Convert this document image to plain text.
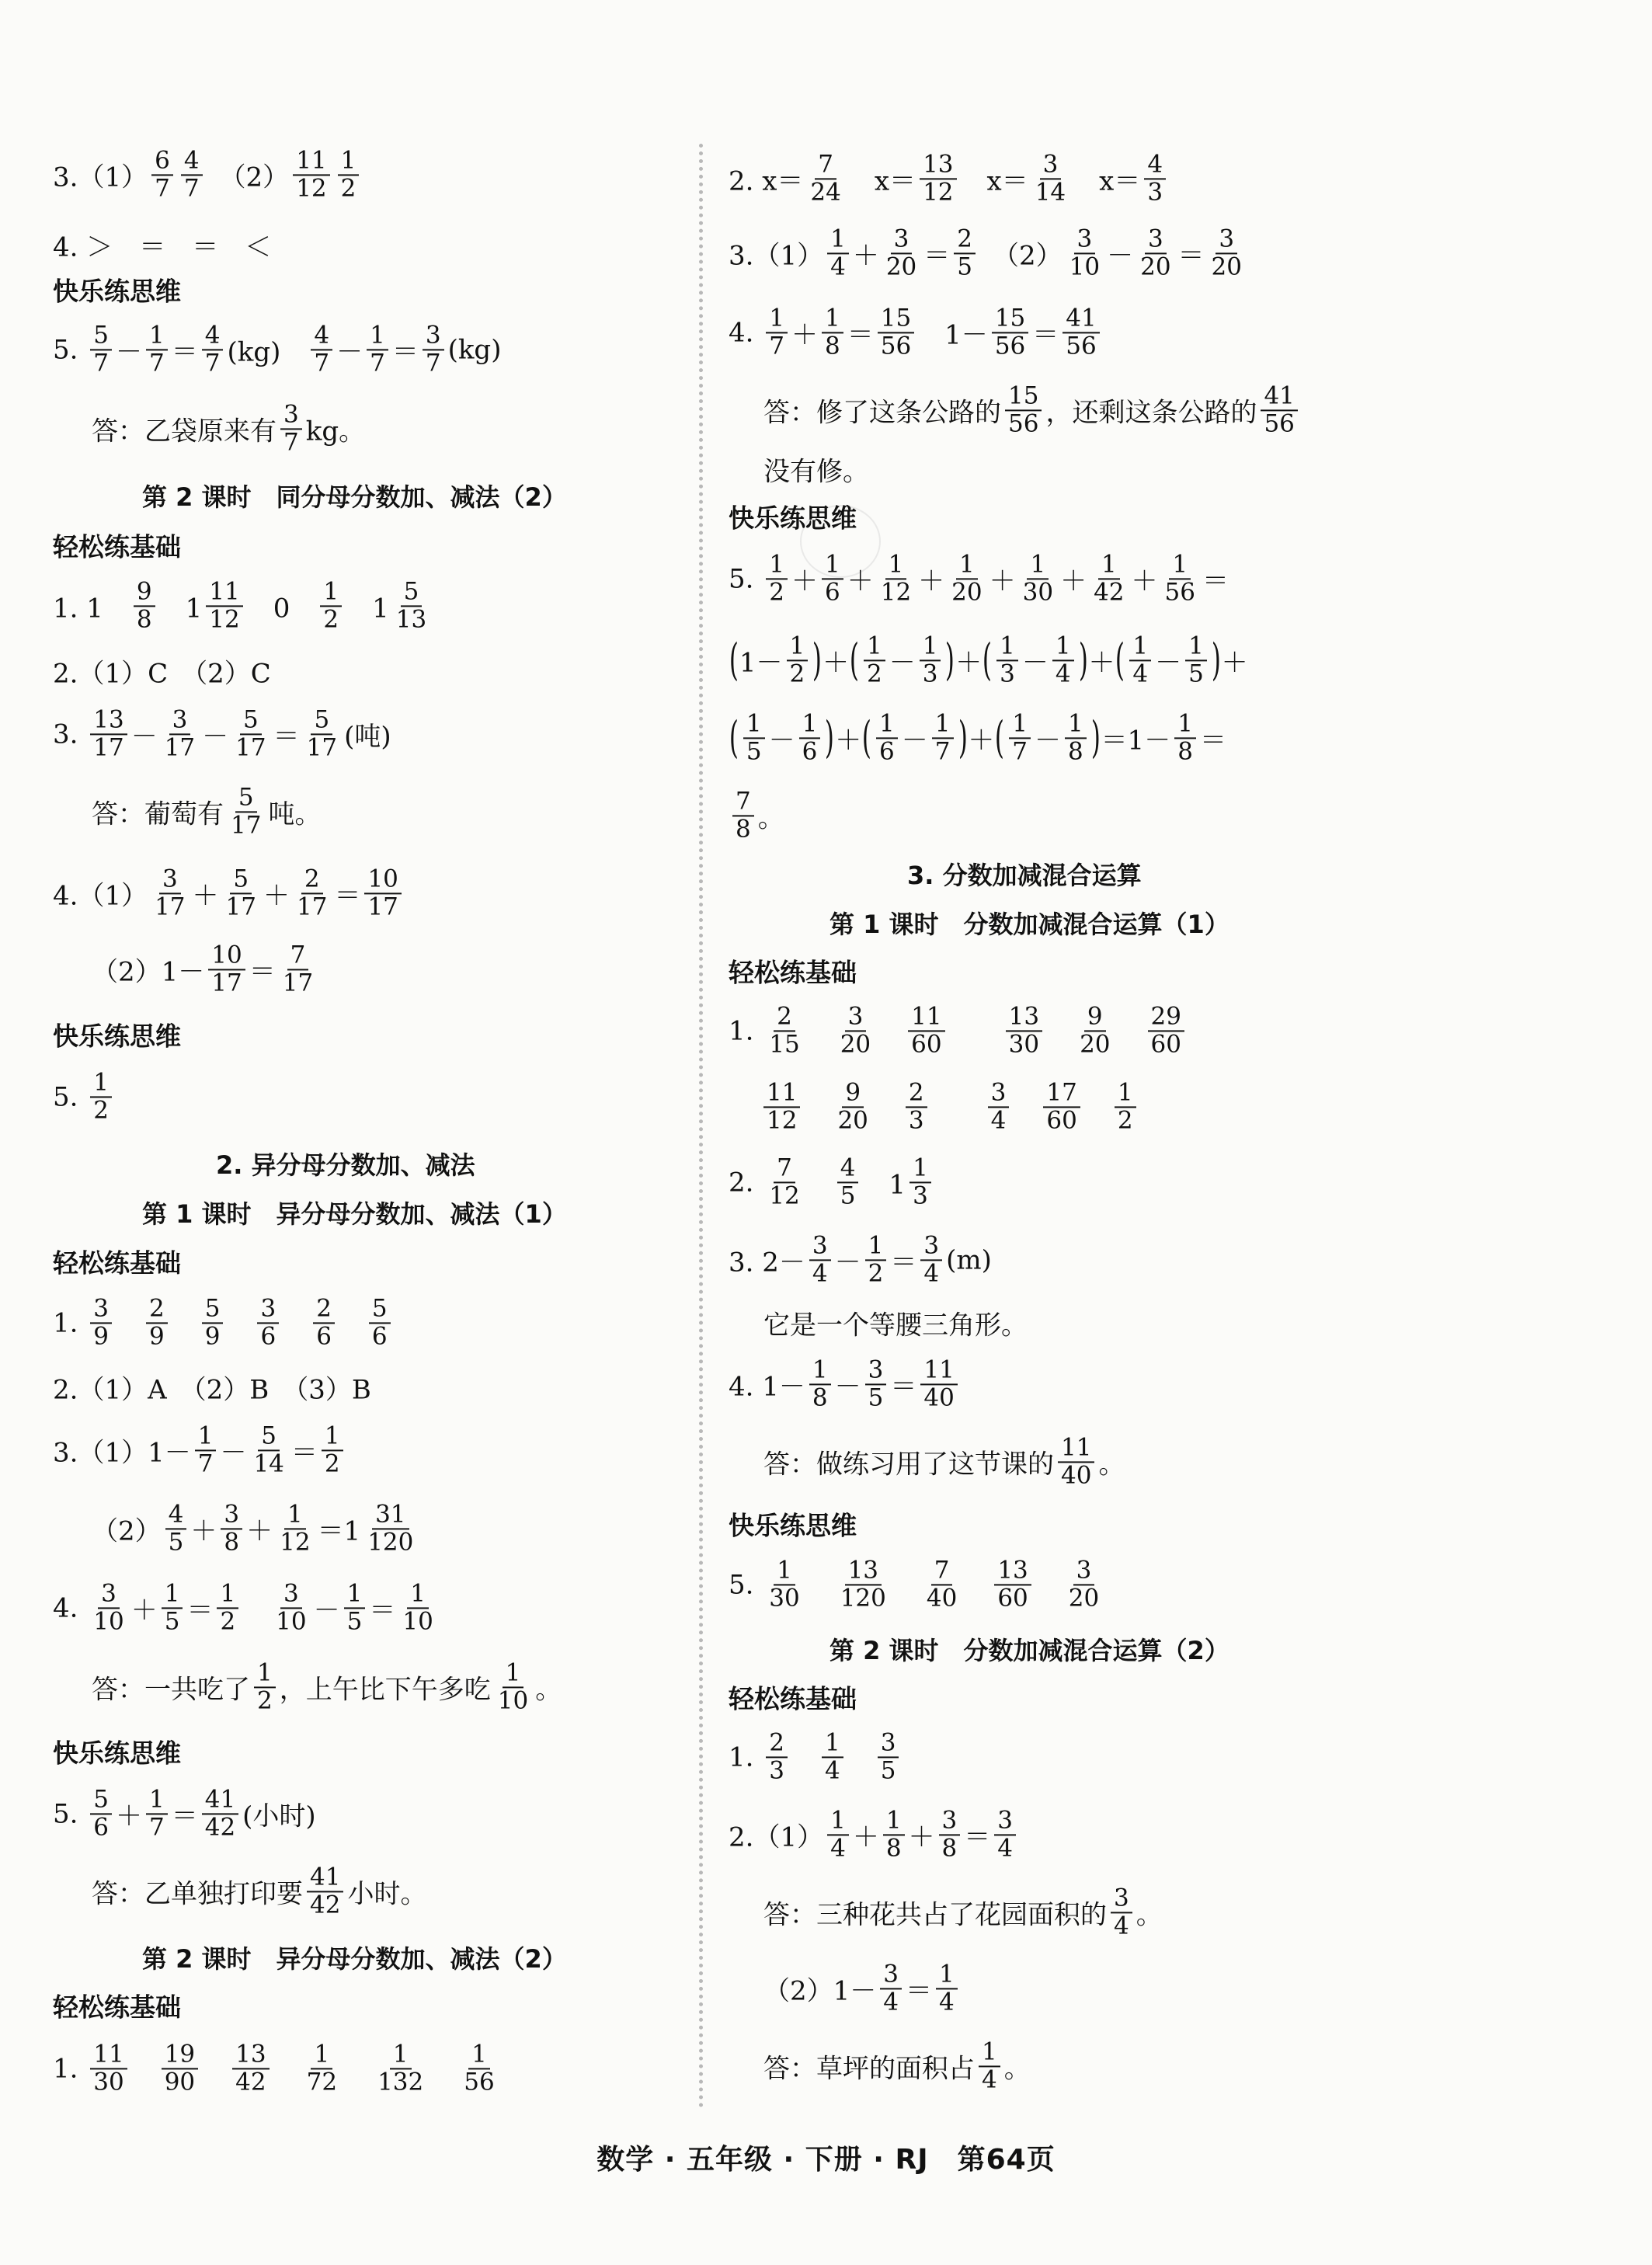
$3.(1) \frac{6}{7} \frac{4}{7}$ 　$(2) \frac{11}{12} \frac{1}{2}$
4. ＞　＝　＝　＜
快乐练思维
5. $\frac{5}{7} - \frac{1}{7} = \frac{4}{7} (kg)$　 $\frac{4}{7} - \frac{1}{7} = \frac{3}{7} (kg)$
答：乙袋原来有 $\frac{3}{7}$ kg。
第 2 课时　同分母分数加、减法（2）
轻松练基础
1. 1　 $\frac{9}{8}$ 　$1 \frac{11}{12}$ 　0　 $\frac{1}{2}$ 　$1 \frac{5}{13}$
2.（1）C　（2）C
3. $\frac{13}{17} - \frac{3}{17} - \frac{5}{17} = \frac{5}{17}$ (吨)
答：葡萄有 $\frac{5}{17}$ 吨。
$4.(1) \frac{3}{17} + \frac{5}{17} + \frac{2}{17} = \frac{10}{17}$
$(2)1- \frac{10}{17} = \frac{7}{17}$
快乐练思维
5. $\frac{1}{2}$
2. 异分母分数加、减法
第 1 课时　异分母分数加、减法（1）
轻松练基础
1. $\frac{3}{9}$
　 $\frac{2}{9}$
　 $\frac{5}{9}$
　 $\frac{3}{6}$
　 $\frac{2}{6}$
　 $\frac{5}{6}$
2.（1）A　（2）B　（3）B
$3.(1)1- \frac{1}{7} - \frac{5}{14} = \frac{1}{2}$
$(2) \frac{4}{5} + \frac{3}{8} + \frac{1}{12} =1 \frac{31}{120}$
4. $\frac{3}{10} + \frac{1}{5} = \frac{1}{2}$
　 $\frac{3}{10} - \frac{1}{5} = \frac{1}{10}$
答：一共吃了 $\frac{1}{2}$ ，上午比下午多吃 $\frac{1}{10}$ 。
快乐练思维
5. $\frac{5}{6} + \frac{1}{7} = \frac{41}{42}$ (小时)
答：乙单独打印要 $\frac{41}{42}$ 小时。
第 2 课时　异分母分数加、减法（2）
轻松练基础
1. $\frac{11}{30}$
　 $\frac{19}{90}$
　 $\frac{13}{42}$
　 $\frac{1}{72}$
　 $\frac{1}{132}$
　 $\frac{1}{56}$
2. $x= \frac{7}{24}$ 　$x= \frac{13}{12}$ 　$x= \frac{3}{14}$ 　$x= \frac{4}{3}$
$3.(1) \frac{1}{4} + \frac{3}{20} = \frac{2}{5}$ 　$(2) \frac{3}{10} - \frac{3}{20} = \frac{3}{20}$
4. $\frac{1}{7} + \frac{1}{8} = \frac{15}{56}$ 　$1- \frac{15}{56} = \frac{41}{56}$
答：修了这条公路的 $\frac{15}{56}$ ，还剩这条公路的 $\frac{41}{56}$
没有修。
快乐练思维
5. $\frac{1}{2} + \frac{1}{6} + \frac{1}{12} + \frac{1}{20} + \frac{1}{30} + \frac{1}{42} + \frac{1}{56}$ ＝
( $1- \frac{1}{2}$ ) ＋ ( $\frac{1}{2} - \frac{1}{3}$ ) ＋ ( $\frac{1}{3} - \frac{1}{4}$ ) ＋ ( $\frac{1}{4} - \frac{1}{5}$ ) ＋
( $\frac{1}{5} - \frac{1}{6}$ ) ＋ ( $\frac{1}{6} - \frac{1}{7}$ ) ＋ ( $\frac{1}{7} - \frac{1}{8}$ ) $=1- \frac{1}{8}$ ＝
$\frac{7}{8}$ 。
3. 分数加减混合运算
第 1 课时　分数加减混合运算（1）
轻松练基础
1. $\frac{2}{15}$
　 $\frac{3}{20}$
　 $\frac{11}{60}$
　　	$\frac{13}{30}$
　 $\frac{9}{20}$
　 $\frac{29}{60}$
$\frac{11}{12}$
　 $\frac{9}{20}$
　 $\frac{2}{3}$
　　	$\frac{3}{4}$
　 $\frac{17}{60}$
　 $\frac{1}{2}$
2. $\frac{7}{12}$
　 $\frac{4}{5}$ 　$1 \frac{1}{3}$
3. $2- \frac{3}{4} - \frac{1}{2} = \frac{3}{4} (m)$
它是一个等腰三角形。
4. $1- \frac{1}{8} - \frac{3}{5} = \frac{11}{40}$
答：做练习用了这节课的 $\frac{11}{40}$ 。
快乐练思维
5. $\frac{1}{30}$
　 $\frac{13}{120}$
　 $\frac{7}{40}$
　 $\frac{13}{60}$
　 $\frac{3}{20}$
第 2 课时　分数加减混合运算（2）
轻松练基础
1. $\frac{2}{3}$
　 $\frac{1}{4}$
　 $\frac{3}{5}$
$2.(1) \frac{1}{4} + \frac{1}{8} + \frac{3}{8} = \frac{3}{4}$
答：三种花共占了花园面积的 $\frac{3}{4}$ 。
$(2)1- \frac{3}{4} = \frac{1}{4}$
答：草坪的面积占 $\frac{1}{4}$ 。
数学 · 五年级 · 下册 · RJ　第64页
